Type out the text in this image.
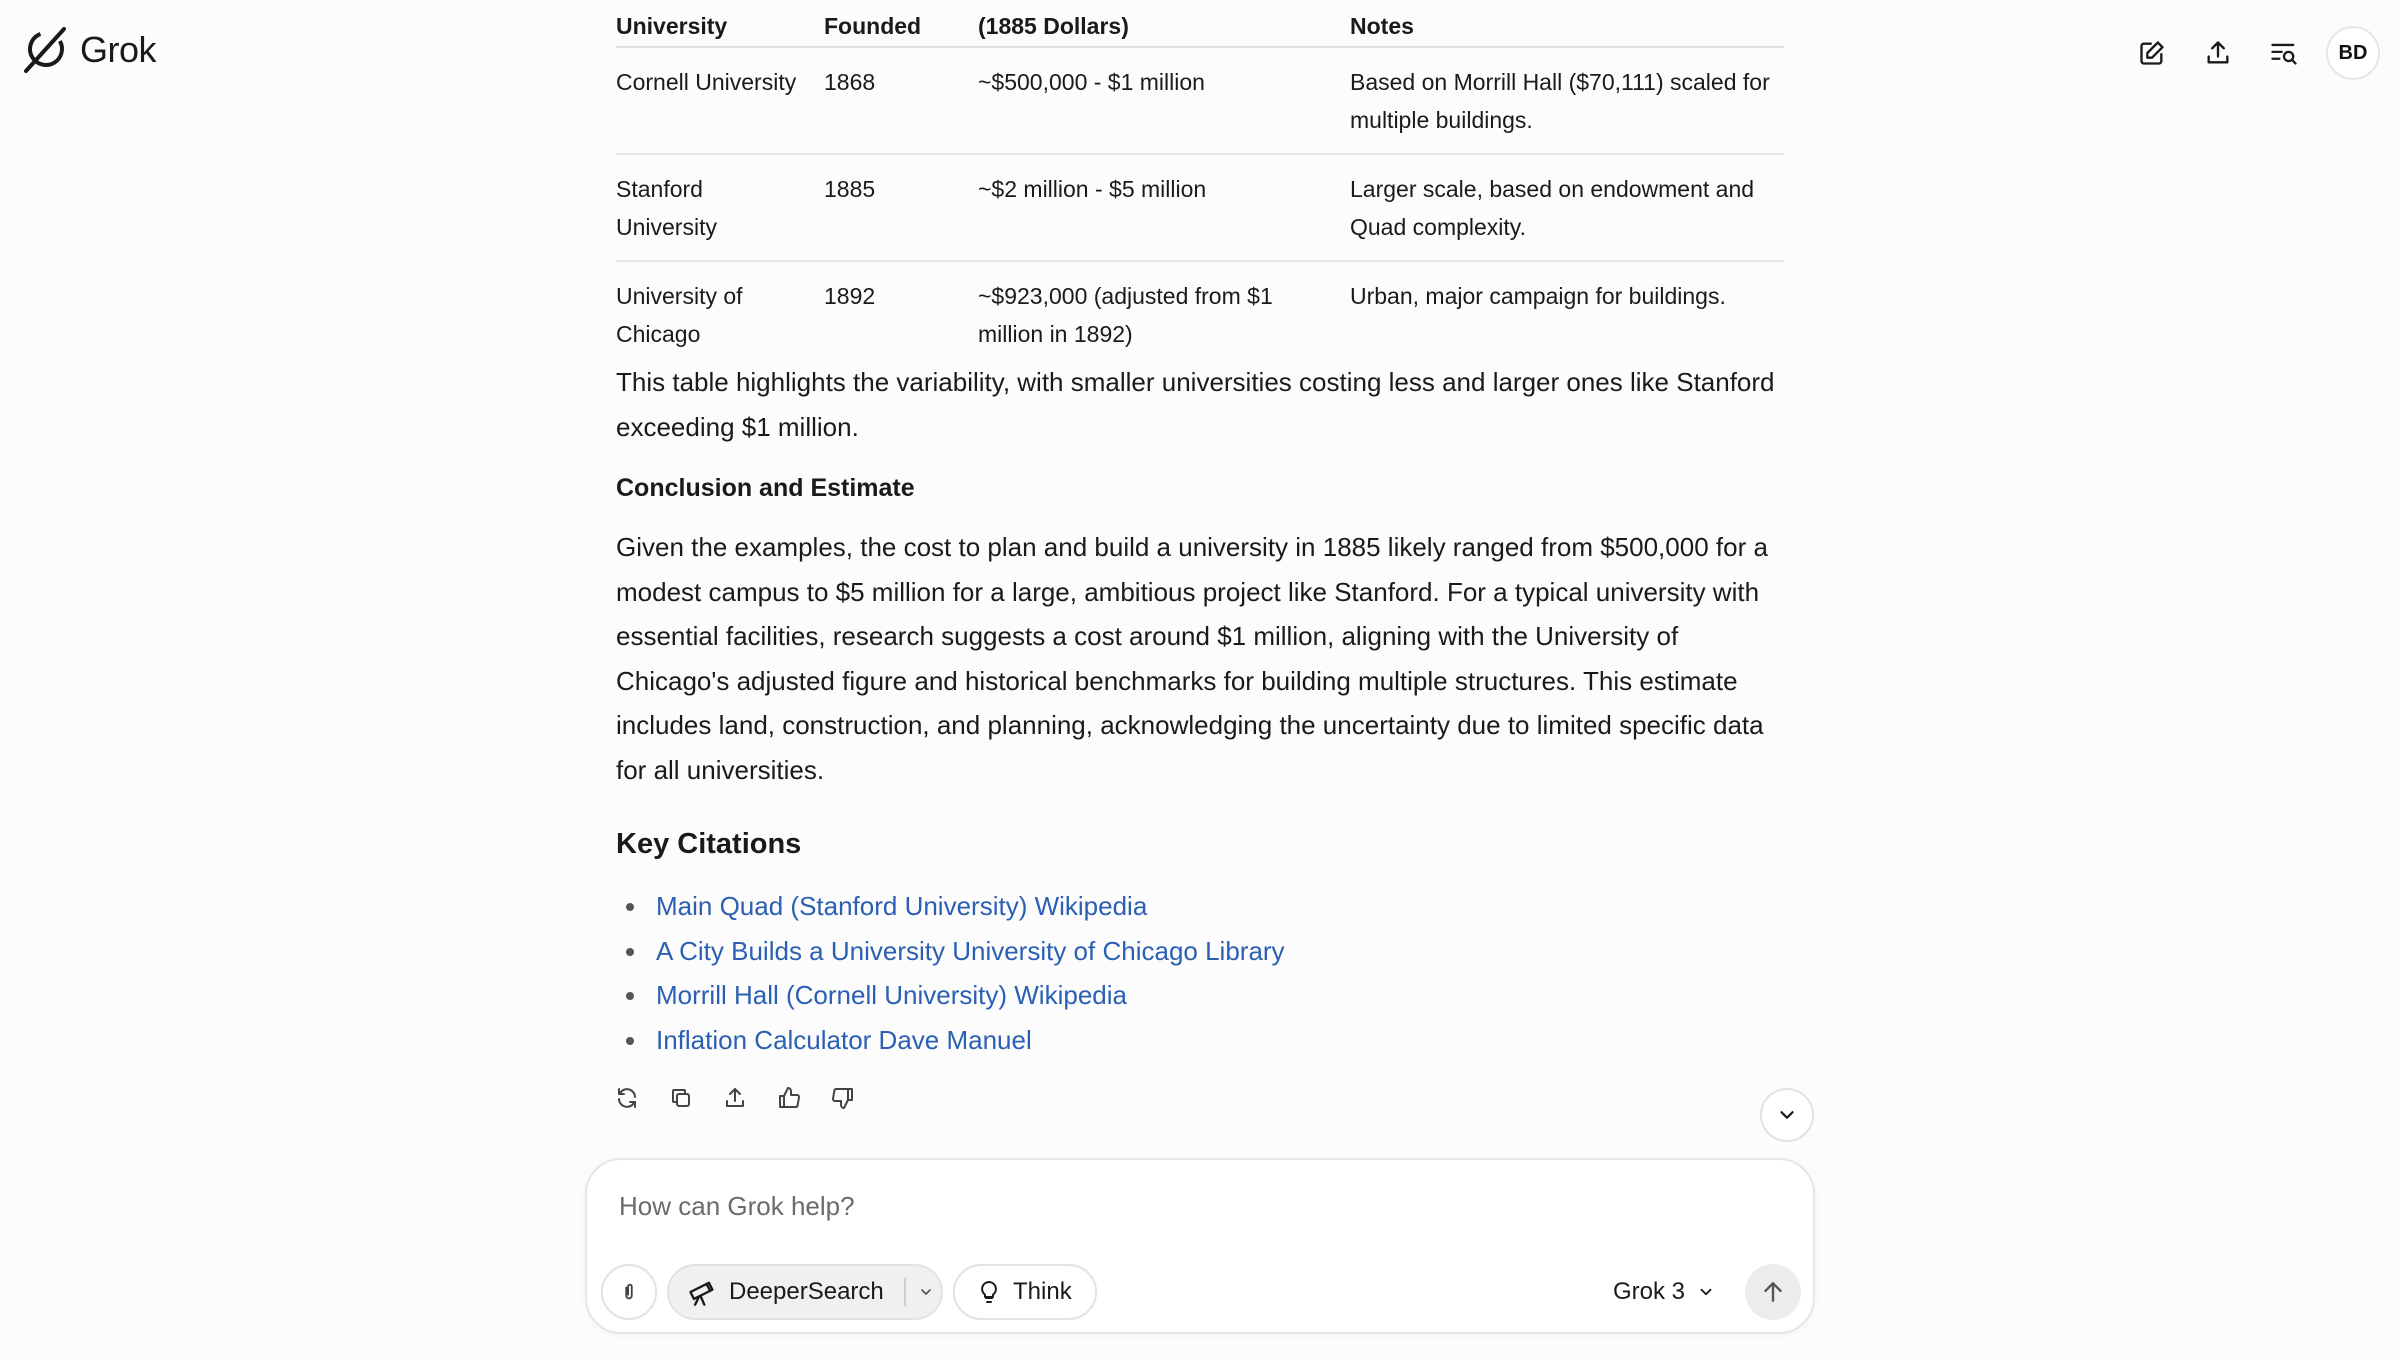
Grok	BD
University	Founded	(1885 Dollars)	Notes
Cornell University	1868	~$500,000 - $1 million	Based on Morrill Hall ($70,111) scaled for multiple buildings.
Stanford University	1885	~$2 million - $5 million	Larger scale, based on endowment and Quad complexity.
University of Chicago	1892	~$923,000 (adjusted from $1 million in 1892)	Urban, major campaign for buildings.

This table highlights the variability, with smaller universities costing less and larger ones like Stanford exceeding $1 million.

Conclusion and Estimate

Given the examples, the cost to plan and build a university in 1885 likely ranged from $500,000 for a modest campus to $5 million for a large, ambitious project like Stanford. For a typical university with essential facilities, research suggests a cost around $1 million, aligning with the University of Chicago's adjusted figure and historical benchmarks for building multiple structures. This estimate includes land, construction, and planning, acknowledging the uncertainty due to limited specific data for all universities.

Key Citations
Main Quad (Stanford University) Wikipedia
A City Builds a University University of Chicago Library
Morrill Hall (Cornell University) Wikipedia
Inflation Calculator Dave Manuel
How can Grok help?
DeeperSearch	Think	Grok 3
